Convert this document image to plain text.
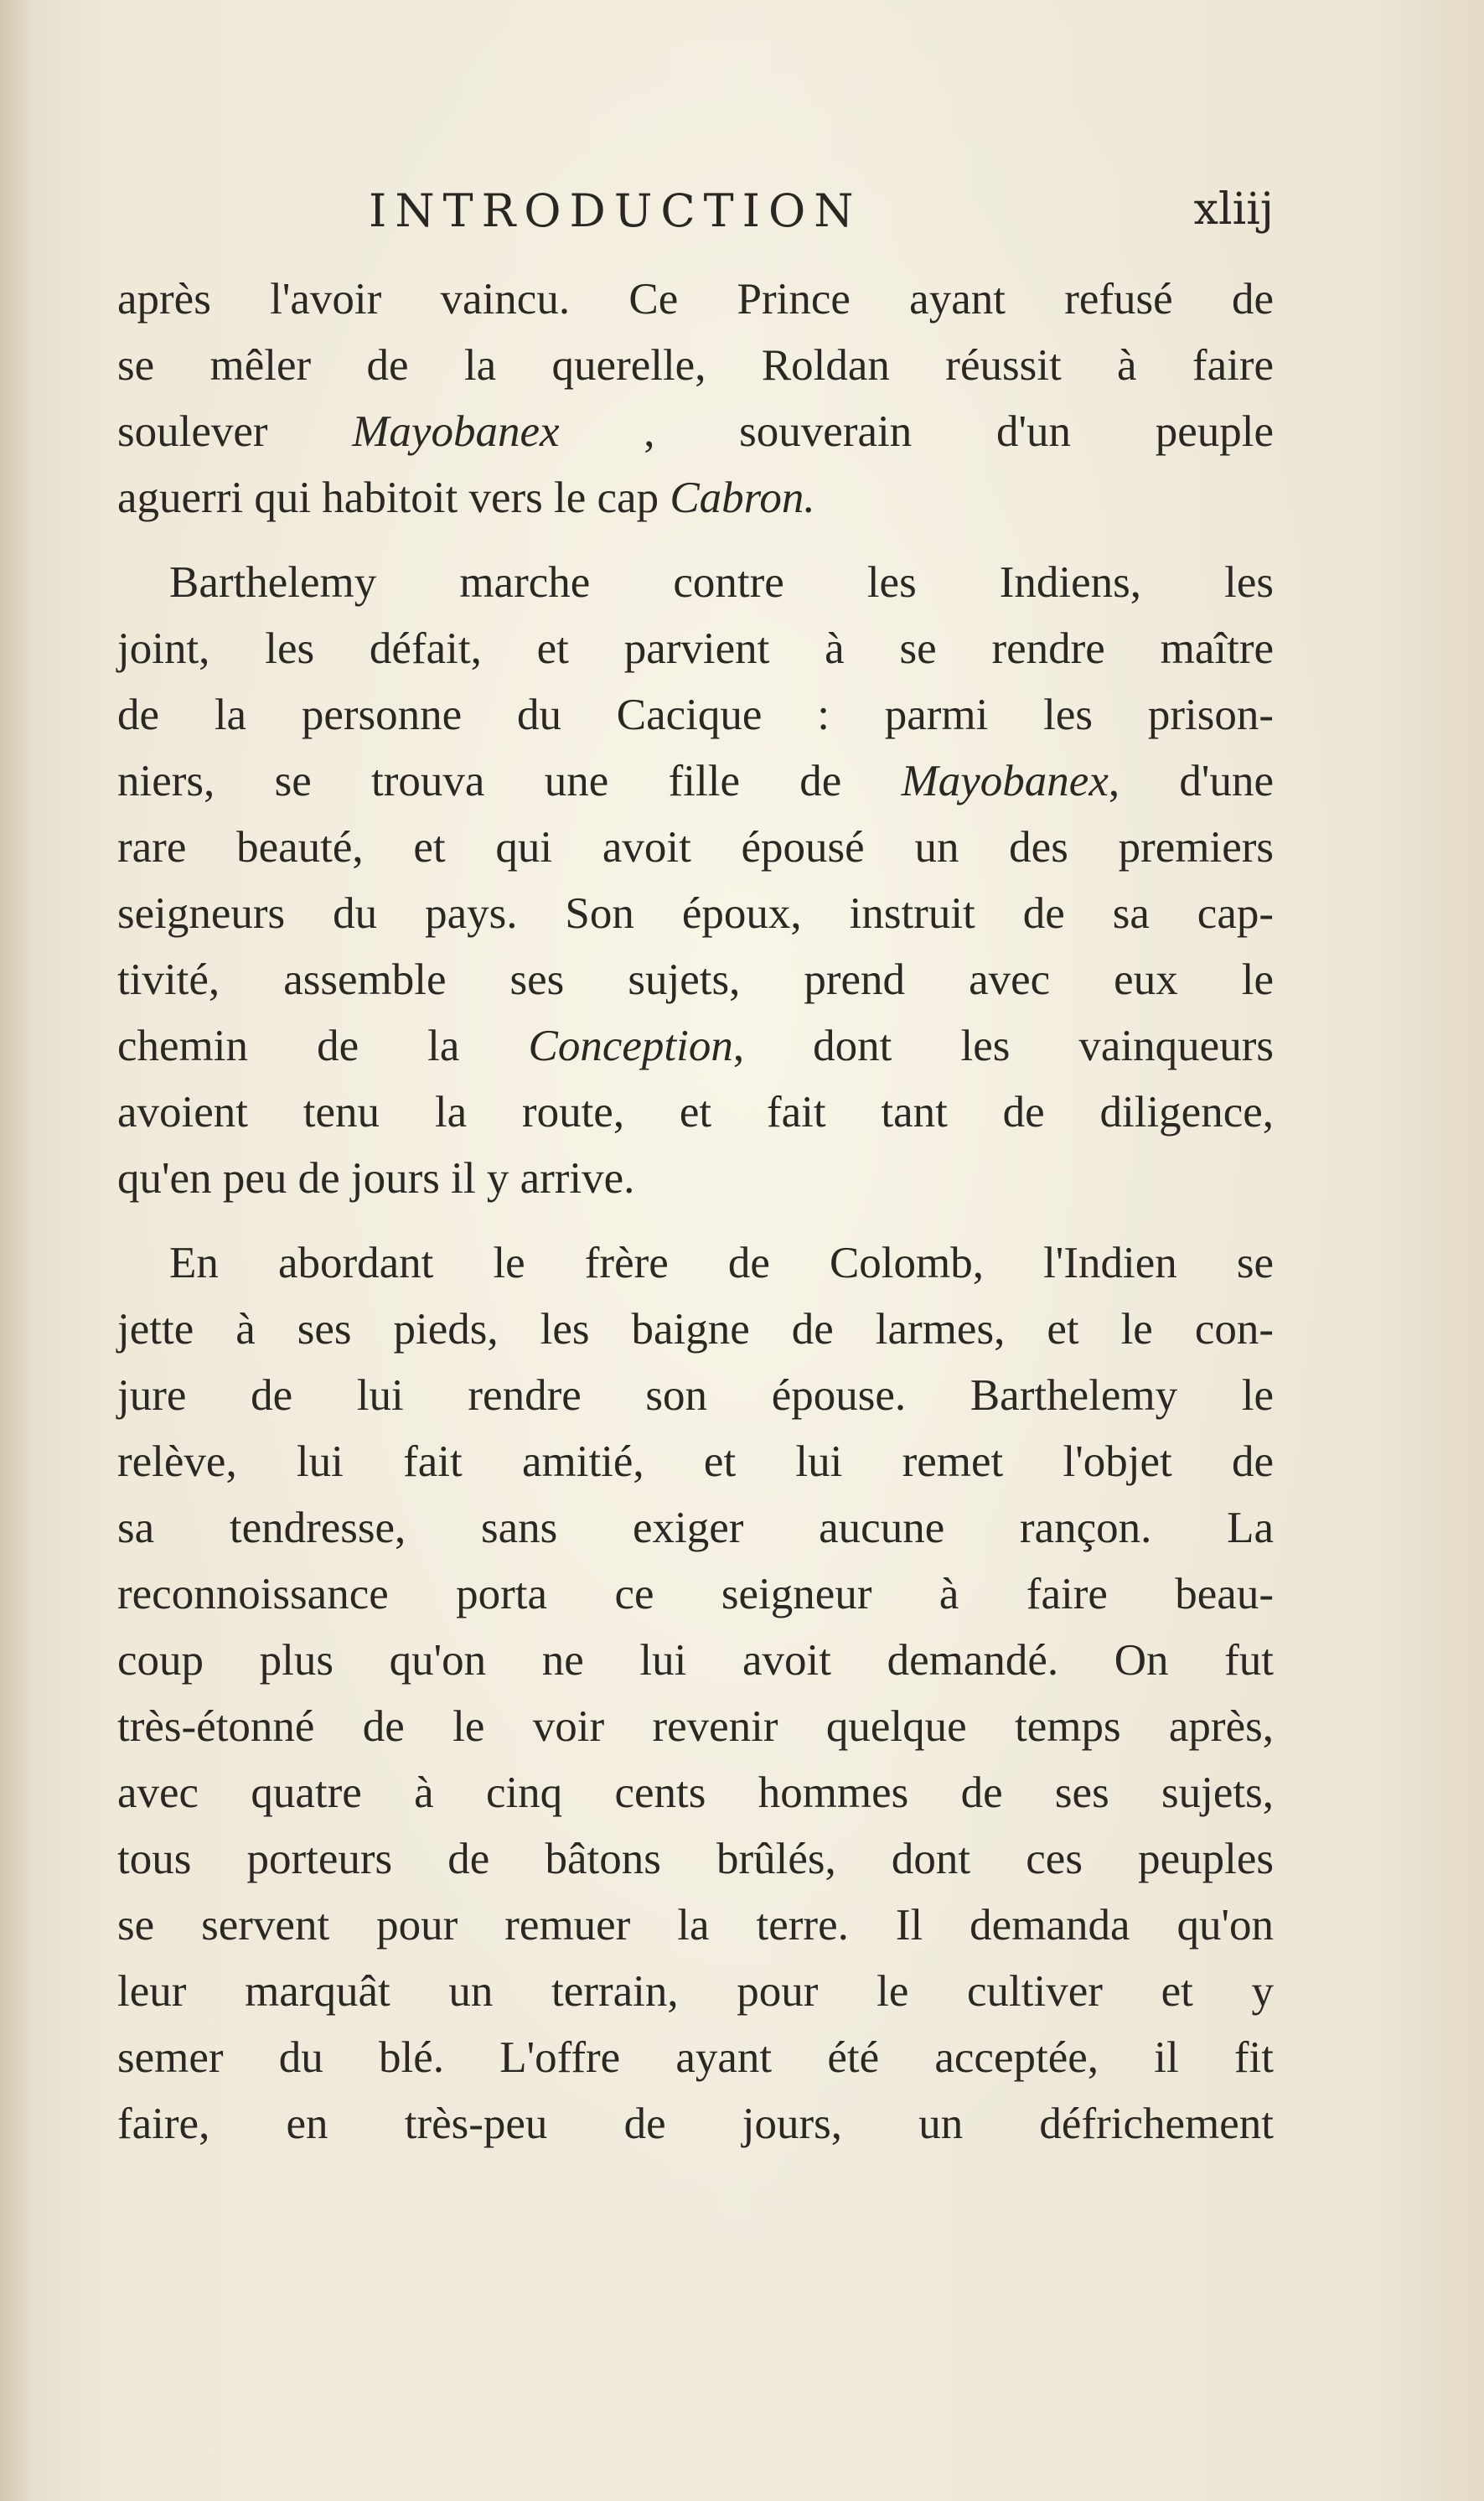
INTRODUCTION	xliij
après l'avoir vaincu. Ce Prince ayant refusé de
se mêler de la querelle, Roldan réussit à faire
soulever Mayobanex , souverain d'un peuple
aguerri qui habitoit vers le cap Cabron.
Barthelemy marche contre les Indiens, les
joint, les défait, et parvient à se rendre maître
de la personne du Cacique : parmi les prison-
niers, se trouva une fille de Mayobanex, d'une
rare beauté, et qui avoit épousé un des premiers
seigneurs du pays. Son époux, instruit de sa cap-
tivité, assemble ses sujets, prend avec eux le
chemin de la Conception, dont les vainqueurs
avoient tenu la route, et fait tant de diligence,
qu'en peu de jours il y arrive.
En abordant le frère de Colomb, l'Indien se
jette à ses pieds, les baigne de larmes, et le con-
jure de lui rendre son épouse. Barthelemy le
relève, lui fait amitié, et lui remet l'objet de
sa tendresse, sans exiger aucune rançon. La
reconnoissance porta ce seigneur à faire beau-
coup plus qu'on ne lui avoit demandé. On fut
très-étonné de le voir revenir quelque temps après,
avec quatre à cinq cents hommes de ses sujets,
tous porteurs de bâtons brûlés, dont ces peuples
se servent pour remuer la terre. Il demanda qu'on
leur marquât un terrain, pour le cultiver et y
semer du blé. L'offre ayant été acceptée, il fit
faire, en très-peu de jours, un défrichement
